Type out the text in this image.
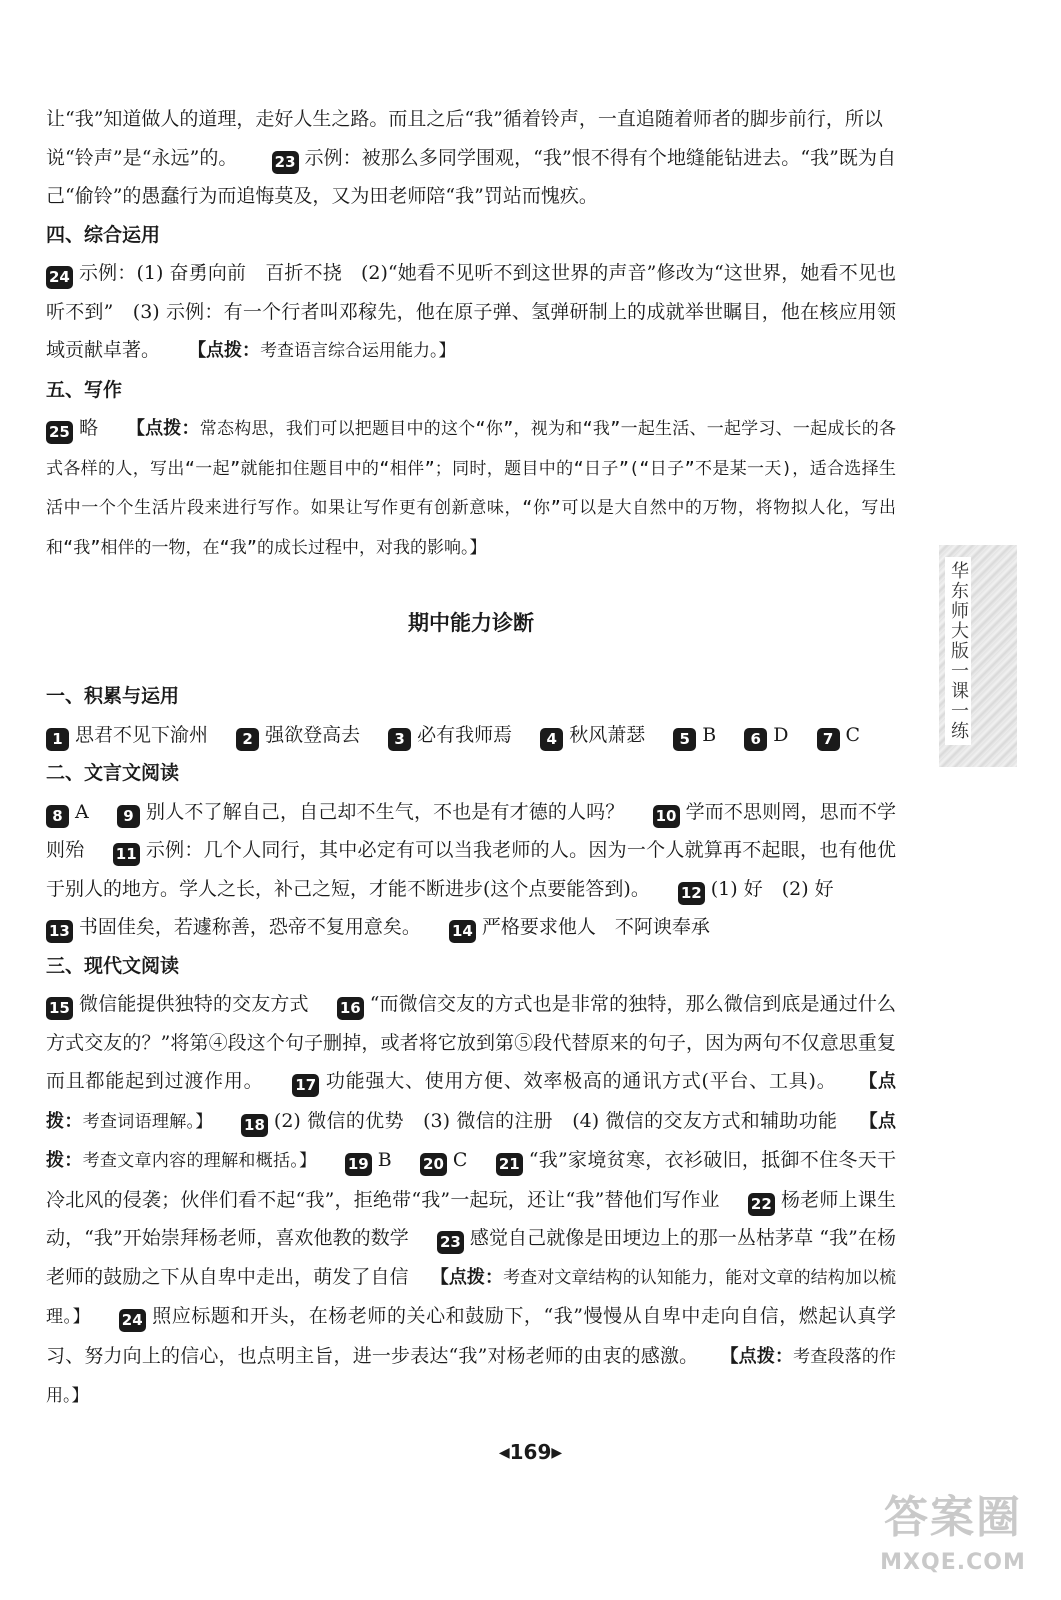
让“我”知道做人的道理，走好人生之路。而且之后“我”循着铃声，一直追随着师者的脚步前行，所以
说“铃声”是“永远”的。 23 示例：被那么多同学围观，“我”恨不得有个地缝能钻进去。“我”既为自己“偷铃”的愚蠢行为而追悔莫及，又为田老师陪“我”罚站而愧疚。

四、综合运用

24 示例：(1) 奋勇向前　百折不挠　(2)“她看不见听不到这世界的声音”修改为“这世界，她看不见也听不到”　(3) 示例：有一个行者叫邓稼先，他在原子弹、氢弹研制上的成就举世瞩目，他在核应用领域贡献卓著。 【点拨：考查语言综合运用能力。】

五、写作

25 略 【点拨：常态构思，我们可以把题目中的这个“你”，视为和“我”一起生活、一起学习、一起成长的各式各样的人，写出“一起”就能扣住题目中的“相伴”；同时，题目中的“日子”(“日子”不是某一天)，适合选择生活中一个个生活片段来进行写作。如果让写作更有创新意味，“你”可以是大自然中的万物，将物拟人化，写出和“我”相伴的一物，在“我”的成长过程中，对我的影响。】

期中能力诊断

一、积累与运用

1 思君不见下渝州 2 强欲登高去 3 必有我师焉 4 秋风萧瑟 5 B 6 D 7 C

二、文言文阅读

8 A 9 别人不了解自己，自己却不生气，不也是有才德的人吗？ 10 学而不思则罔，思而不学则殆 11 示例：几个人同行，其中必定有可以当我老师的人。因为一个人就算再不起眼，也有他优于别人的地方。学人之长，补己之短，才能不断进步(这个点要能答到)。 12 (1) 好　(2) 好
13 书固佳矣，若遽称善，恐帝不复用意矣。 14 严格要求他人　不阿谀奉承

三、现代文阅读

15 微信能提供独特的交友方式 16 “而微信交友的方式也是非常的独特，那么微信到底是通过什么方式交友的？”将第④段这个句子删掉，或者将它放到第⑤段代替原来的句子，因为两句不仅意思重复而且都能起到过渡作用。 17 功能强大、使用方便、效率极高的通讯方式(平台、工具)。 【点拨：考查词语理解。】 18 (2) 微信的优势　(3) 微信的注册　(4) 微信的交友方式和辅助功能 【点拨：考查文章内容的理解和概括。】 19 B 20 C 21 “我”家境贫寒，衣衫破旧，抵御不住冬天干冷北风的侵袭；伙伴们看不起“我”，拒绝带“我”一起玩，还让“我”替他们写作业 22 杨老师上课生动，“我”开始崇拜杨老师，喜欢他教的数学 23 感觉自己就像是田埂边上的那一丛枯茅草 “我”在杨老师的鼓励之下从自卑中走出，萌发了自信 【点拨：考查对文章结构的认知能力，能对文章的结构加以梳理。】 24 照应标题和开头，在杨老师的关心和鼓励下，“我”慢慢从自卑中走向自信，燃起认真学习、努力向上的信心，也点明主旨，进一步表达“我”对杨老师的由衷的感激。 【点拨：考查段落的作用。】

华东师大版一课一练
◀169▶
答案圈
MXQE.COM
